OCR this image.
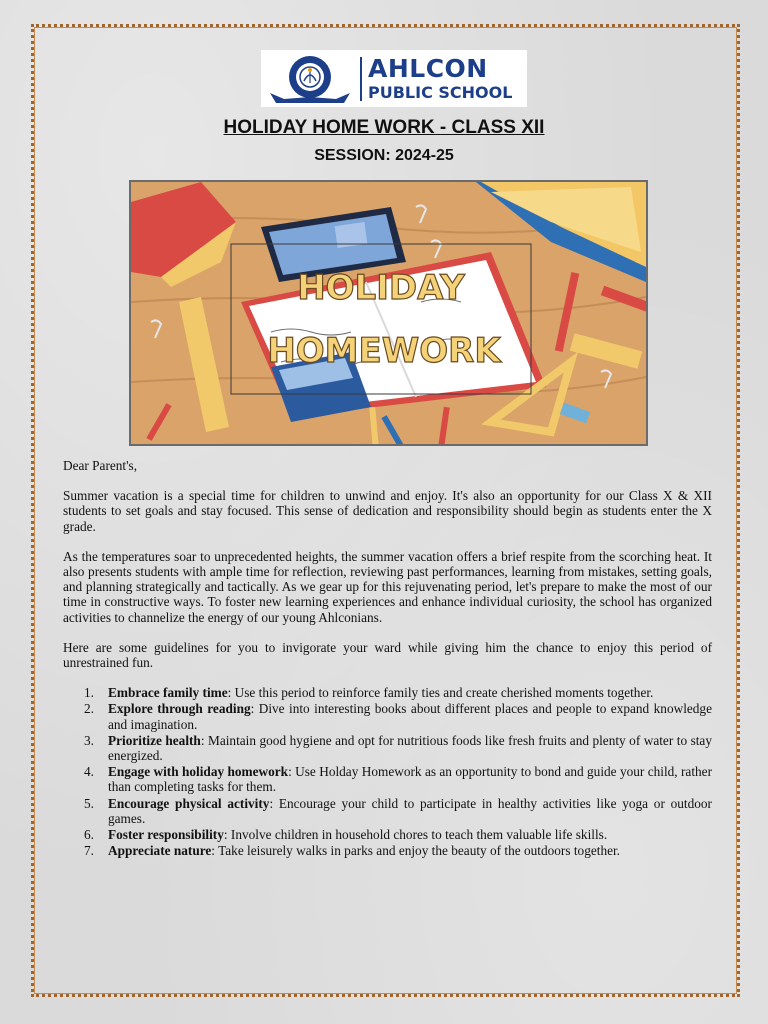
AHLCON
PUBLIC SCHOOL
HOLIDAY HOME WORK - CLASS XII
SESSION: 2024-25
HOLIDAY
HOMEWORK

Dear Parent's,

Summer vacation is a special time for children to unwind and enjoy. It's also an opportunity for our Class X & XII students to set goals and stay focused. This sense of dedication and responsibility should begin as students enter the X grade.

As the temperatures soar to unprecedented heights, the summer vacation offers a brief respite from the scorching heat. It also presents students with ample time for reflection, reviewing past performances, learning from mistakes, setting goals, and planning strategically and tactically. As we gear up for this rejuvenating period, let's prepare to make the most of our time in constructive ways. To foster new learning experiences and enhance individual curiosity, the school has organized activities to channelize the energy of our young Ahlconians.

Here are some guidelines for you to invigorate your ward while giving him the chance to enjoy this period of unrestrained fun.

1. Embrace family time: Use this period to reinforce family ties and create cherished moments together.
2. Explore through reading: Dive into interesting books about different places and people to expand knowledge and imagination.
3. Prioritize health: Maintain good hygiene and opt for nutritious foods like fresh fruits and plenty of water to stay energized.
4. Engage with holiday homework: Use Holday Homework as an opportunity to bond and guide your child, rather than completing tasks for them.
5. Encourage physical activity: Encourage your child to participate in healthy activities like yoga or outdoor games.
6. Foster responsibility: Involve children in household chores to teach them valuable life skills.
7. Appreciate nature: Take leisurely walks in parks and enjoy the beauty of the outdoors together.
